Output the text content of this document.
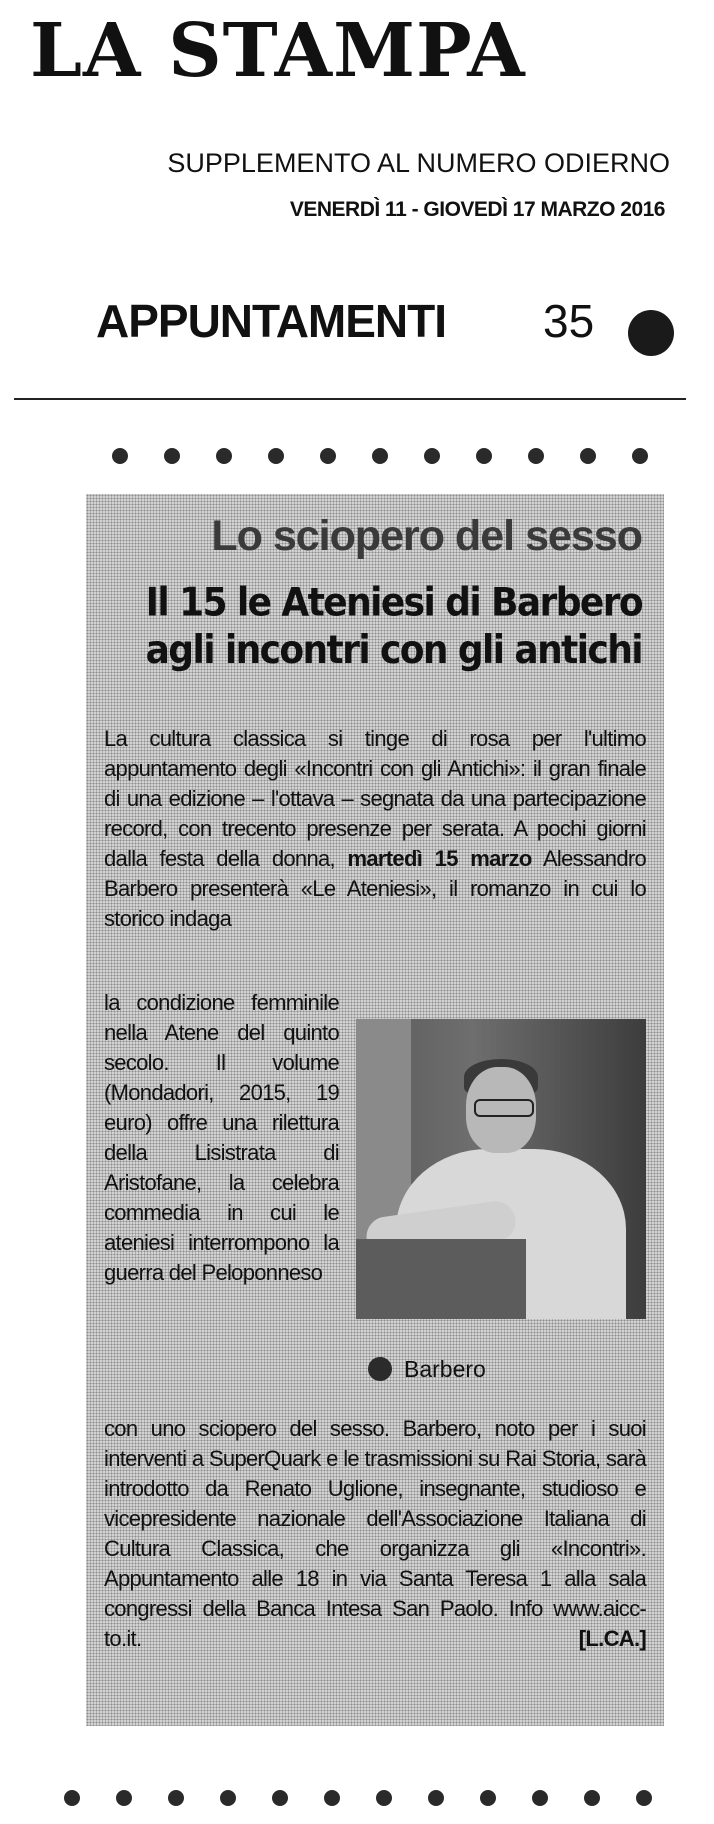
LA STAMPA
SUPPLEMENTO AL NUMERO ODIERNO
VENERDÌ 11 - GIOVEDÌ 17 MARZO 2016
APPUNTAMENTI 35
Lo sciopero del sesso
Il 15 le Ateniesi di Barbero agli incontri con gli antichi
La cultura classica si tinge di rosa per l'ultimo appuntamento degli «Incontri con gli Antichi»: il gran finale di una edizione – l'ottava – segnata da una partecipazione record, con trecento presenze per serata. A pochi giorni dalla festa della donna, martedì 15 marzo Alessandro Barbero presenterà «Le Ateniesi», il romanzo in cui lo storico indaga
la condizione femminile nella Atene del quinto secolo. Il volume (Mondadori, 2015, 19 euro) offre una rilettura della Lisistrata di Aristofane, la celebra commedia in cui le ateniesi interrompono la guerra del Peloponneso
Barbero
con uno sciopero del sesso. Barbero, noto per i suoi interventi a SuperQuark e le trasmissioni su Rai Storia, sarà introdotto da Renato Uglione, insegnante, studioso e vicepresidente nazionale dell'Associazione Italiana di Cultura Classica, che organizza gli «Incontri». Appuntamento alle 18 in via Santa Teresa 1 alla sala congressi della Banca Intesa San Paolo. Info www.aicc-to.it.	[L.CA.]
